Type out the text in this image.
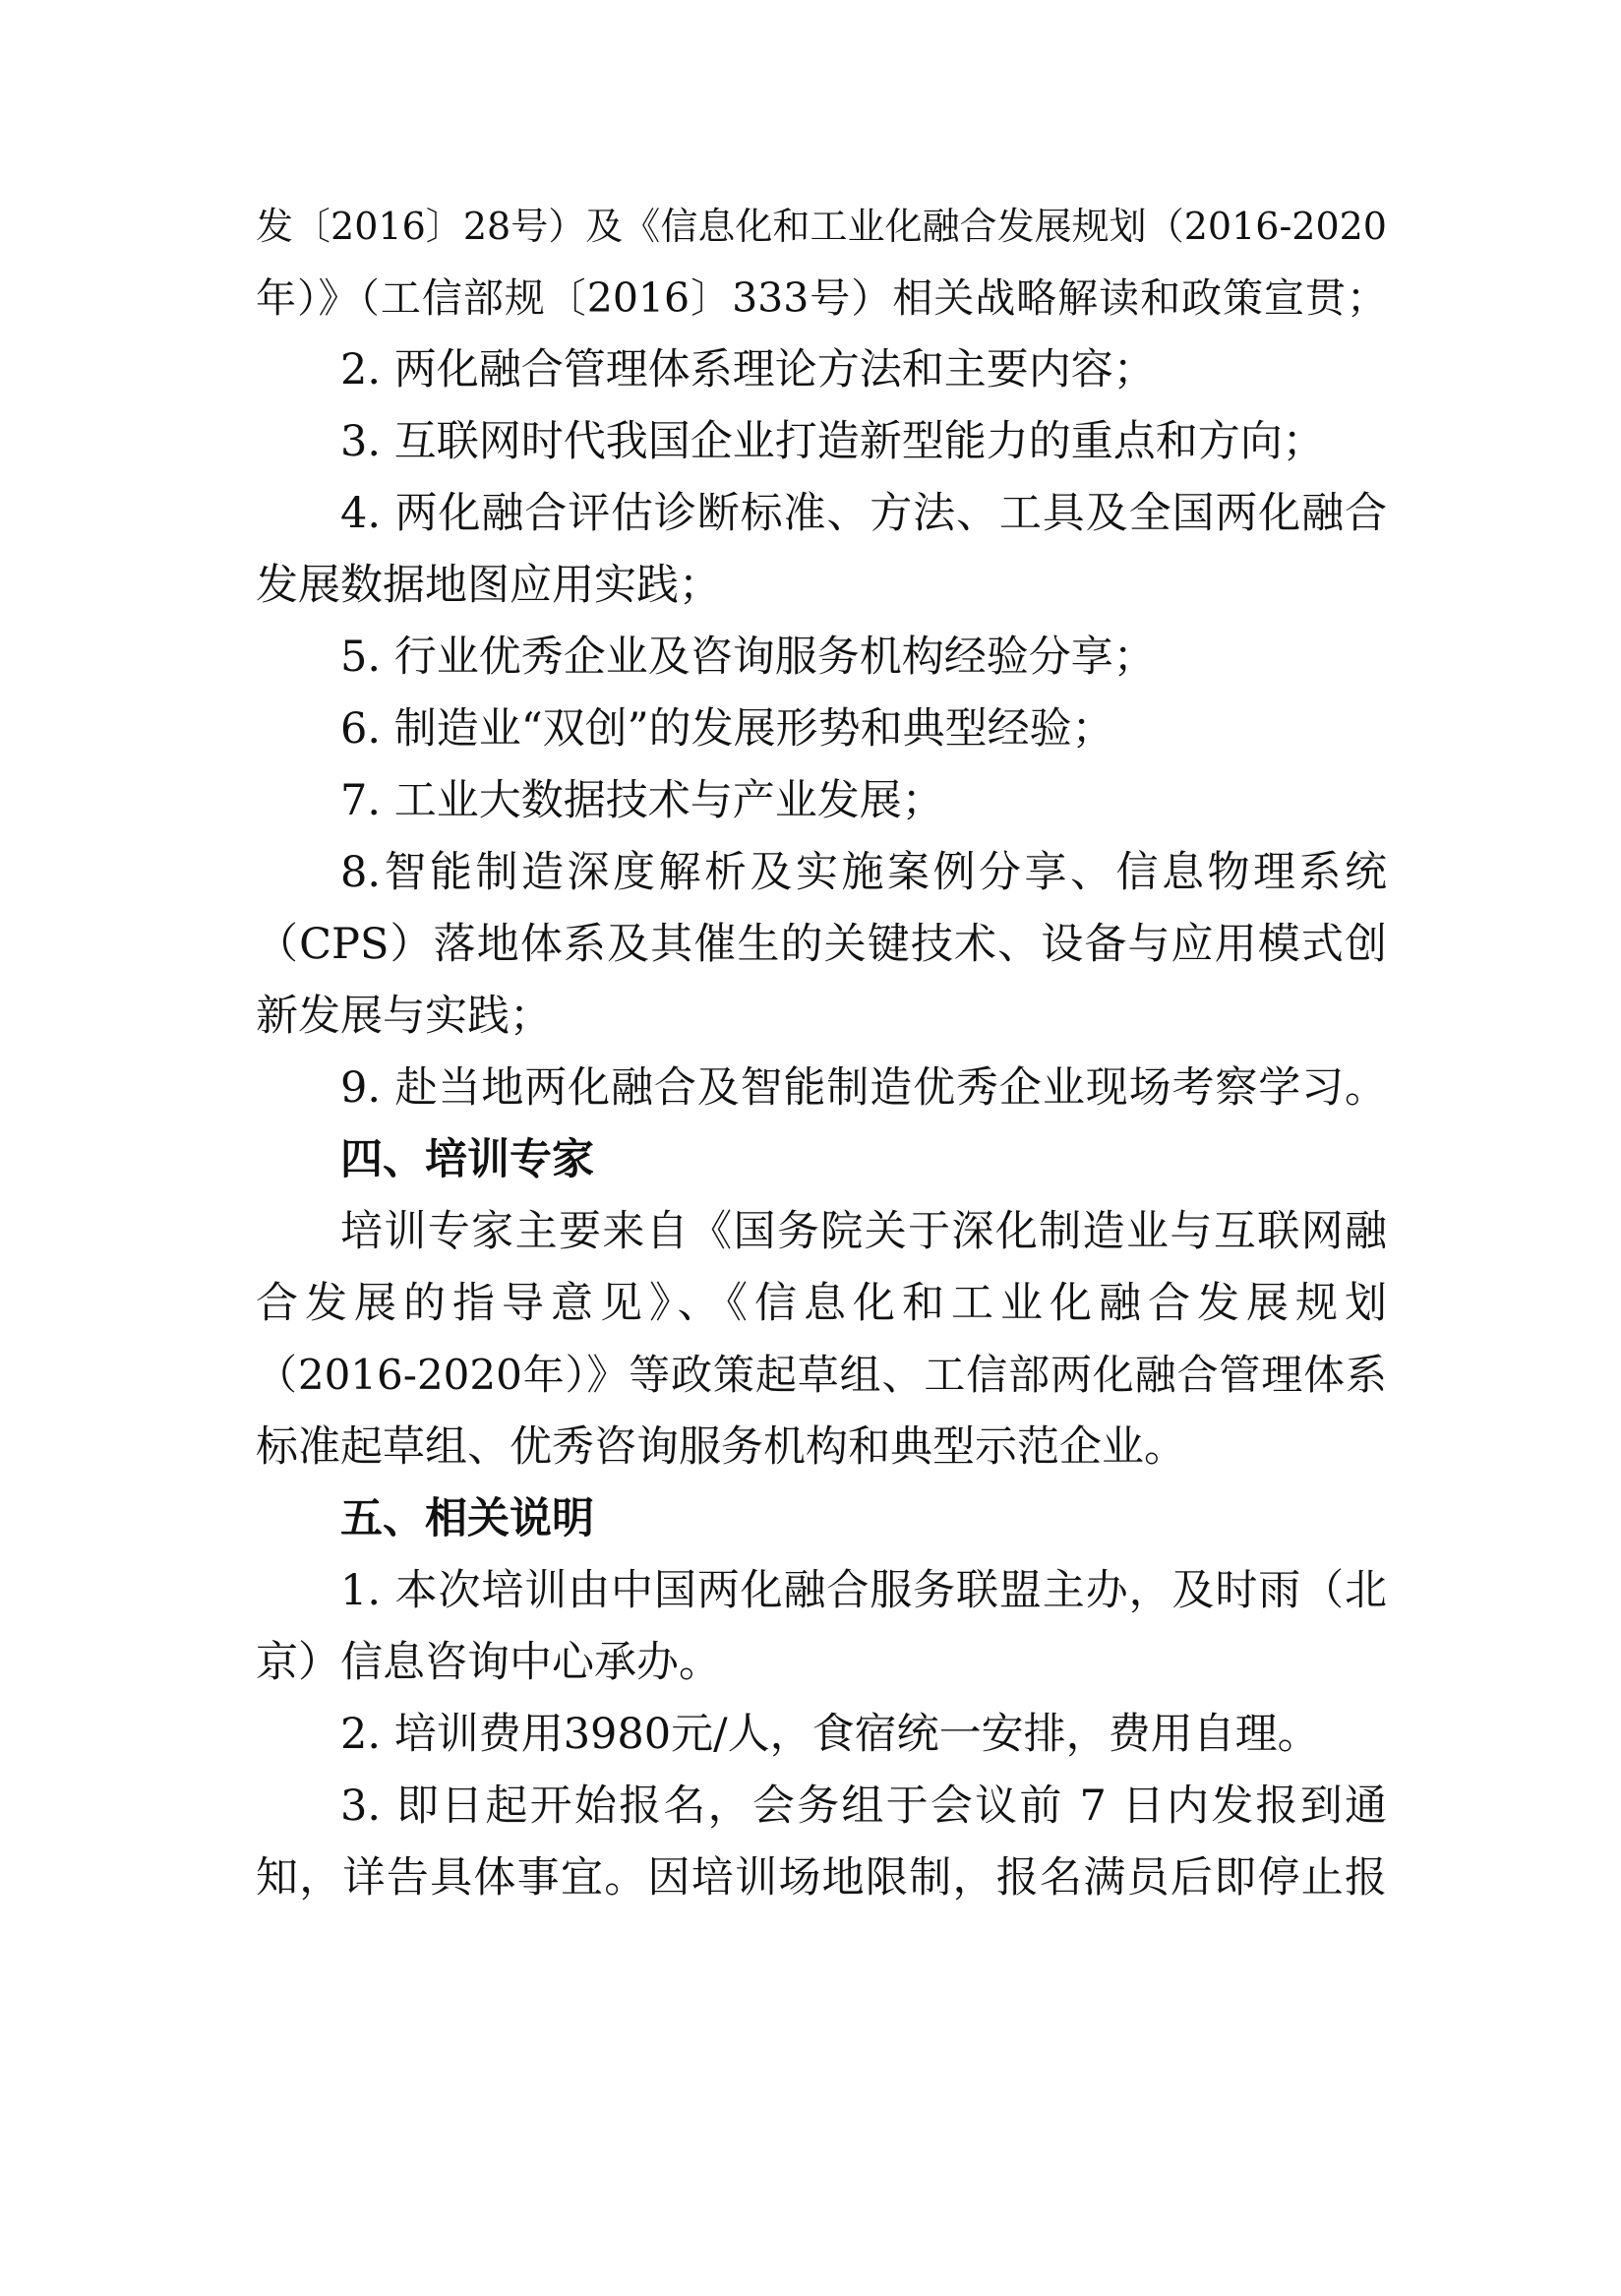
发〔2016〕28号）及《信息化和工业化融合发展规划（2016-2020
年）》（工信部规〔2016〕333号）相关战略解读和政策宣贯；
2. 两化融合管理体系理论方法和主要内容；
3. 互联网时代我国企业打造新型能力的重点和方向；
4. 两化融合评估诊断标准、方法、工具及全国两化融合
发展数据地图应用实践；
5. 行业优秀企业及咨询服务机构经验分享；
6. 制造业“双创”的发展形势和典型经验；
7. 工业大数据技术与产业发展；
8.智能制造深度解析及实施案例分享、信息物理系统
（CPS）落地体系及其催生的关键技术、设备与应用模式创
新发展与实践；
9. 赴当地两化融合及智能制造优秀企业现场考察学习。
四、培训专家
培训专家主要来自《国务院关于深化制造业与互联网融
合发展的指导意见》、《信息化和工业化融合发展规划
（2016-2020年）》等政策起草组、工信部两化融合管理体系
标准起草组、优秀咨询服务机构和典型示范企业。
五、相关说明
1. 本次培训由中国两化融合服务联盟主办，及时雨（北
京）信息咨询中心承办。
2. 培训费用3980元/人，食宿统一安排，费用自理。
3. 即日起开始报名，会务组于会议前 7 日内发报到通
知，详告具体事宜。因培训场地限制，报名满员后即停止报
